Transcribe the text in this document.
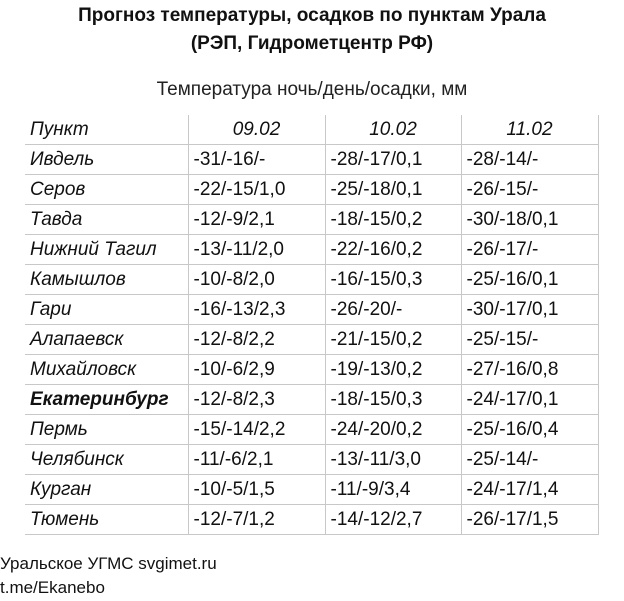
Прогноз температуры, осадков по пунктам Урала
(РЭП, Гидрометцентр РФ)
Температура ночь/день/осадки, мм
Пункт	09.02	10.02	11.02
Ивдель	-31/-16/-	-28/-17/0,1	-28/-14/-
Серов	-22/-15/1,0	-25/-18/0,1	-26/-15/-
Тавда	-12/-9/2,1	-18/-15/0,2	-30/-18/0,1
Нижний Тагил	-13/-11/2,0	-22/-16/0,2	-26/-17/-
Камышлов	-10/-8/2,0	-16/-15/0,3	-25/-16/0,1
Гари	-16/-13/2,3	-26/-20/-	-30/-17/0,1
Алапаевск	-12/-8/2,2	-21/-15/0,2	-25/-15/-
Михайловск	-10/-6/2,9	-19/-13/0,2	-27/-16/0,8
Екатеринбург	-12/-8/2,3	-18/-15/0,3	-24/-17/0,1
Пермь	-15/-14/2,2	-24/-20/0,2	-25/-16/0,4
Челябинск	-11/-6/2,1	-13/-11/3,0	-25/-14/-
Курган	-10/-5/1,5	-11/-9/3,4	-24/-17/1,4
Тюмень	-12/-7/1,2	-14/-12/2,7	-26/-17/1,5
Уральское УГМС svgimet.ru
t.me/Ekanebo
